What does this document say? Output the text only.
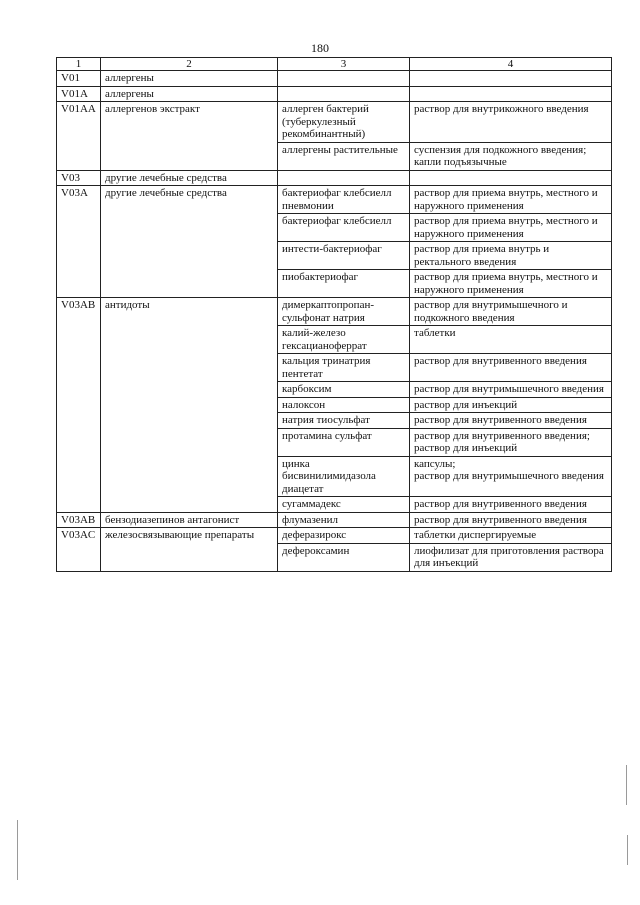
180
1	2	3	4
V01	аллергены		
V01A	аллергены		
V01AA	аллергенов экстракт	аллерген бактерий (туберкулезный рекомбинантный)	раствор для внутрикожного введения
		аллергены растительные	суспензия для подкожного введения;
капли подъязычные
V03	другие лечебные средства		
V03A	другие лечебные средства	бактериофаг клебсиелл пневмонии	раствор для приема внутрь, местного и наружного применения
		бактериофаг клебсиелл	раствор для приема внутрь, местного и наружного применения
		интести-бактериофаг	раствор для приема внутрь и ректального введения
		пиобактериофаг	раствор для приема внутрь, местного и наружного применения
V03AB	антидоты	димеркаптопропан-сульфонат натрия	раствор для внутримышечного и подкожного введения
		калий-железо гексацианоферрат	таблетки
		кальция тринатрия пентетат	раствор для внутривенного введения
		карбоксим	раствор для внутримышечного введения
		налоксон	раствор для инъекций
		натрия тиосульфат	раствор для внутривенного введения
		протамина сульфат	раствор для внутривенного введения;
раствор для инъекций
		цинка бисвинилимидазола диацетат	капсулы;
раствор для внутримышечного введения
		сугаммадекс	раствор для внутривенного введения
V03AB	бензодиазепинов антагонист	флумазенил	раствор для внутривенного введения
V03AC	железосвязывающие препараты	деферазирокс	таблетки диспергируемые
		дефероксамин	лиофилизат для приготовления раствора для инъекций
